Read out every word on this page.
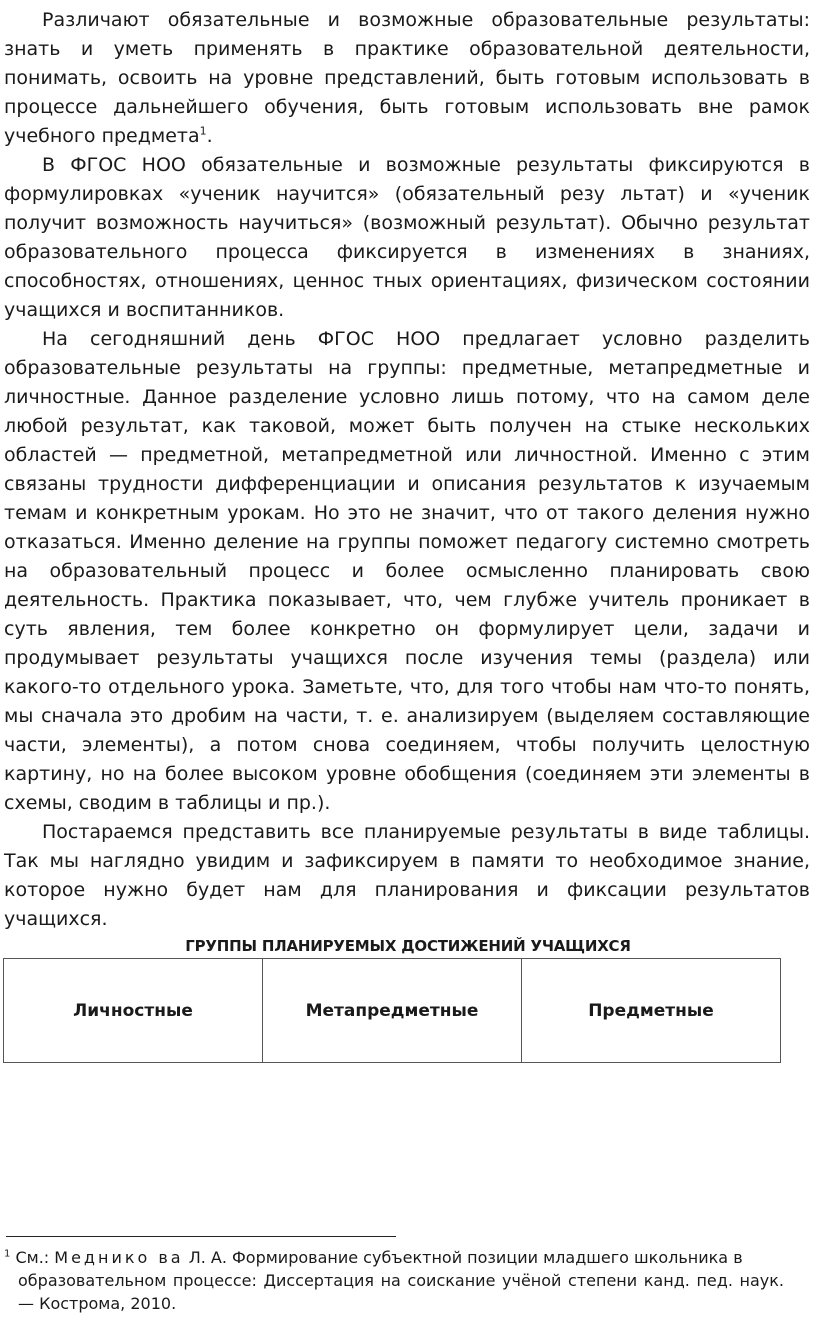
Различают обязательные и возможные образовательные результаты: знать и уметь применять в практике образовательной деятельности, понимать, освоить на уровне представлений, быть готовым использовать в процессе дальнейшего обучения, быть готовым использовать вне рамок учебного предмета$^1$.

В ФГОС НОО обязательные и возможные результаты фиксируются в формулировках «ученик научится» (обязательный резу льтат) и «ученик получит возможность научиться» (возможный результат). Обычно результат образовательного процесса фиксируется в изменениях в знаниях, способностях, отношениях, ценнос тных ориентациях, физическом состоянии учащихся и воспитанников.

На сегодняшний день ФГОС НОО предлагает условно разделить образовательные результаты на группы: предметные, метапредметные и личностные. Данное разделение условно лишь потому, что на самом деле любой результат, как таковой, может быть получен на стыке нескольких областей — предметной, метапредметной или личностной. Именно с этим связаны трудности дифференциации и описания результатов к изучаемым темам и конкретным урокам. Но это не значит, что от такого деления нужно отказаться. Именно деление на группы поможет педагогу системно смотреть на образовательный процесс и более осмысленно планировать свою деятельность. Практика показывает, что, чем глубже учитель проникает в суть явления, тем более конкретно он формулирует цели, задачи и продумывает результаты учащихся после изучения темы (раздела) или какого-то отдельного урока. Заметьте, что, для того чтобы нам что-то понять, мы сначала это дробим на части, т. е. анализируем (выделяем составляющие части, элементы), а потом снова соединяем, чтобы получить целостную картину, но на более высоком уровне обобщения (соединяем эти элементы в схемы, сводим в таблицы и пр.).

Постараемся представить все планируемые результаты в виде таблицы. Так мы наглядно увидим и зафиксируем в памяти то необходимое знание, которое нужно будет нам для планирования и фиксации результатов учащихся.

ГРУППЫ ПЛАНИРУЕМЫХ ДОСТИЖЕНИЙ УЧАЩИХСЯ
Личностные	Метапредметные	Предметные
$^1$ См.: Меднико ва Л. А. Формирование субъектной позиции младшего школьника в
образовательном процессе: Диссертация на соискание учёной степени канд. пед. наук. — Кострома, 2010.
